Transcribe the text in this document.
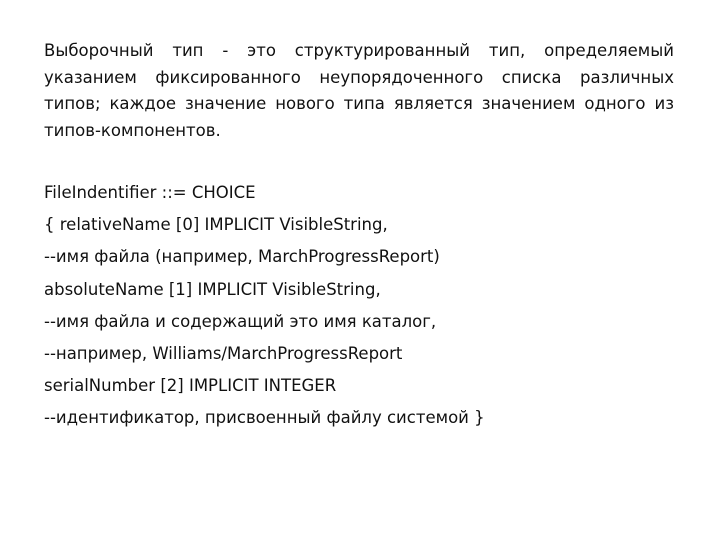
Выборочный тип - это структурированный тип, определяемый указанием фиксированного неупорядоченного списка различных типов; каждое значение нового типа является значением одного из типов-компонентов.

FileIndentifier ::= CHOICE
{ relativeName [0] IMPLICIT VisibleString,
--имя файла (например, MarchProgressReport)
absoluteName [1] IMPLICIT VisibleString,
--имя файла и содержащий это имя каталог,
--например, Williams/MarchProgressReport
serialNumber [2] IMPLICIT INTEGER
--идентификатор, присвоенный файлу системой }
